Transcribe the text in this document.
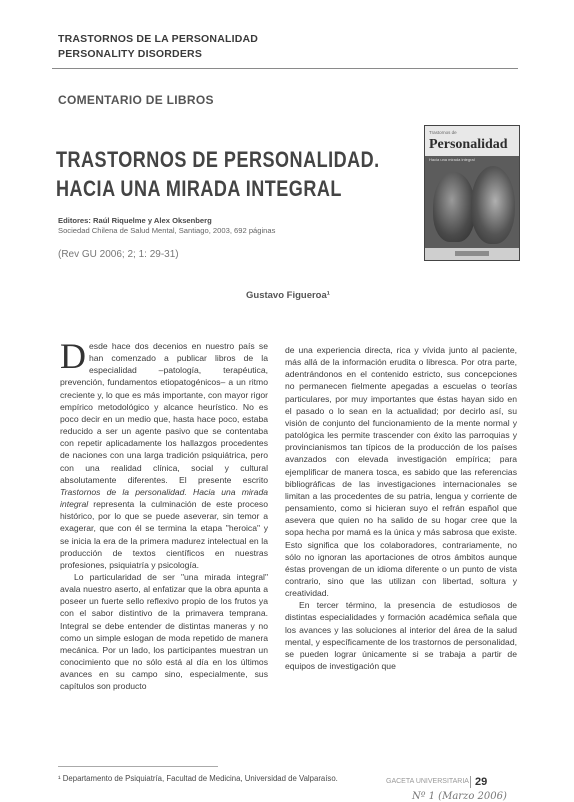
TRASTORNOS DE LA PERSONALIDAD
PERSONALITY DISORDERS
COMENTARIO DE LIBROS
TRASTORNOS DE PERSONALIDAD.
HACIA UNA MIRADA INTEGRAL
Editores: Raúl Riquelme y Alex Oksenberg
Sociedad Chilena de Salud Mental, Santiago, 2003, 692 páginas
(Rev GU 2006; 2; 1: 29-31)
Trastornos de
Personalidad
Hacia una mirada integral
Gustavo Figueroa¹

Desde hace dos decenios en nuestro país se han comenzado a publicar libros de la especialidad –patología, terapéutica, prevención, fundamentos etiopatogénicos– a un ritmo creciente y, lo que es más importante, con mayor rigor empírico metodológico y alcance heurístico. No es poco decir en un medio que, hasta hace poco, estaba reducido a ser un agente pasivo que se contentaba con repetir aplicadamente los hallazgos procedentes de naciones con una larga tradición psiquiátrica, pero con una realidad clínica, social y cultural absolutamente diferentes. El presente escrito Trastornos de la personalidad. Hacia una mirada integral representa la culminación de este proceso histórico, por lo que se puede aseverar, sin temor a exagerar, que con él se termina la etapa "heroica" y se inicia la era de la primera madurez intelectual en la producción de textos científicos en nuestras profesiones, psiquiatría y psicología.

Lo particularidad de ser "una mirada integral" avala nuestro aserto, al enfatizar que la obra apunta a poseer un fuerte sello reflexivo propio de los frutos ya con el sabor distintivo de la primavera temprana. Integral se debe entender de distintas maneras y no como un simple eslogan de moda repetido de manera mecánica. Por un lado, los participantes muestran un conocimiento que no sólo está al día en los últimos avances en su campo sino, especialmente, sus capítulos son producto

de una experiencia directa, rica y vívida junto al paciente, más allá de la información erudita o libresca. Por otra parte, adentrándonos en el contenido estricto, sus concepciones no permanecen fielmente apegadas a escuelas o teorías particulares, por muy importantes que éstas hayan sido en el pasado o lo sean en la actualidad; por decirlo así, su visión de conjunto del funcionamiento de la mente normal y patológica les permite trascender con éxito las parroquias y provincianismos tan típicos de la producción de los países avanzados con elevada investigación empírica; para ejemplificar de manera tosca, es sabido que las referencias bibliográficas de las investigaciones internacionales se limitan a las procedentes de su patria, lengua y corriente de pensamiento, como si hicieran suyo el refrán español que asevera que quien no ha salido de su hogar cree que la sopa hecha por mamá es la única y más sabrosa que existe. Esto significa que los colaboradores, contrariamente, no sólo no ignoran las aportaciones de otros ámbitos aunque éstas provengan de un idioma diferente o un punto de vista contrario, sino que las utilizan con libertad, soltura y creatividad.

En tercer término, la presencia de estudiosos de distintas especialidades y formación académica señala que los avances y las soluciones al interior del área de la salud mental, y específicamente de los trastornos de personalidad, se pueden lograr únicamente si se trabaja a partir de equipos de investigación que

¹ Departamento de Psiquiatría, Facultad de Medicina, Universidad de Valparaíso.	GACETA UNIVERSITARIA 29
Nº 1 (Marzo 2006)
